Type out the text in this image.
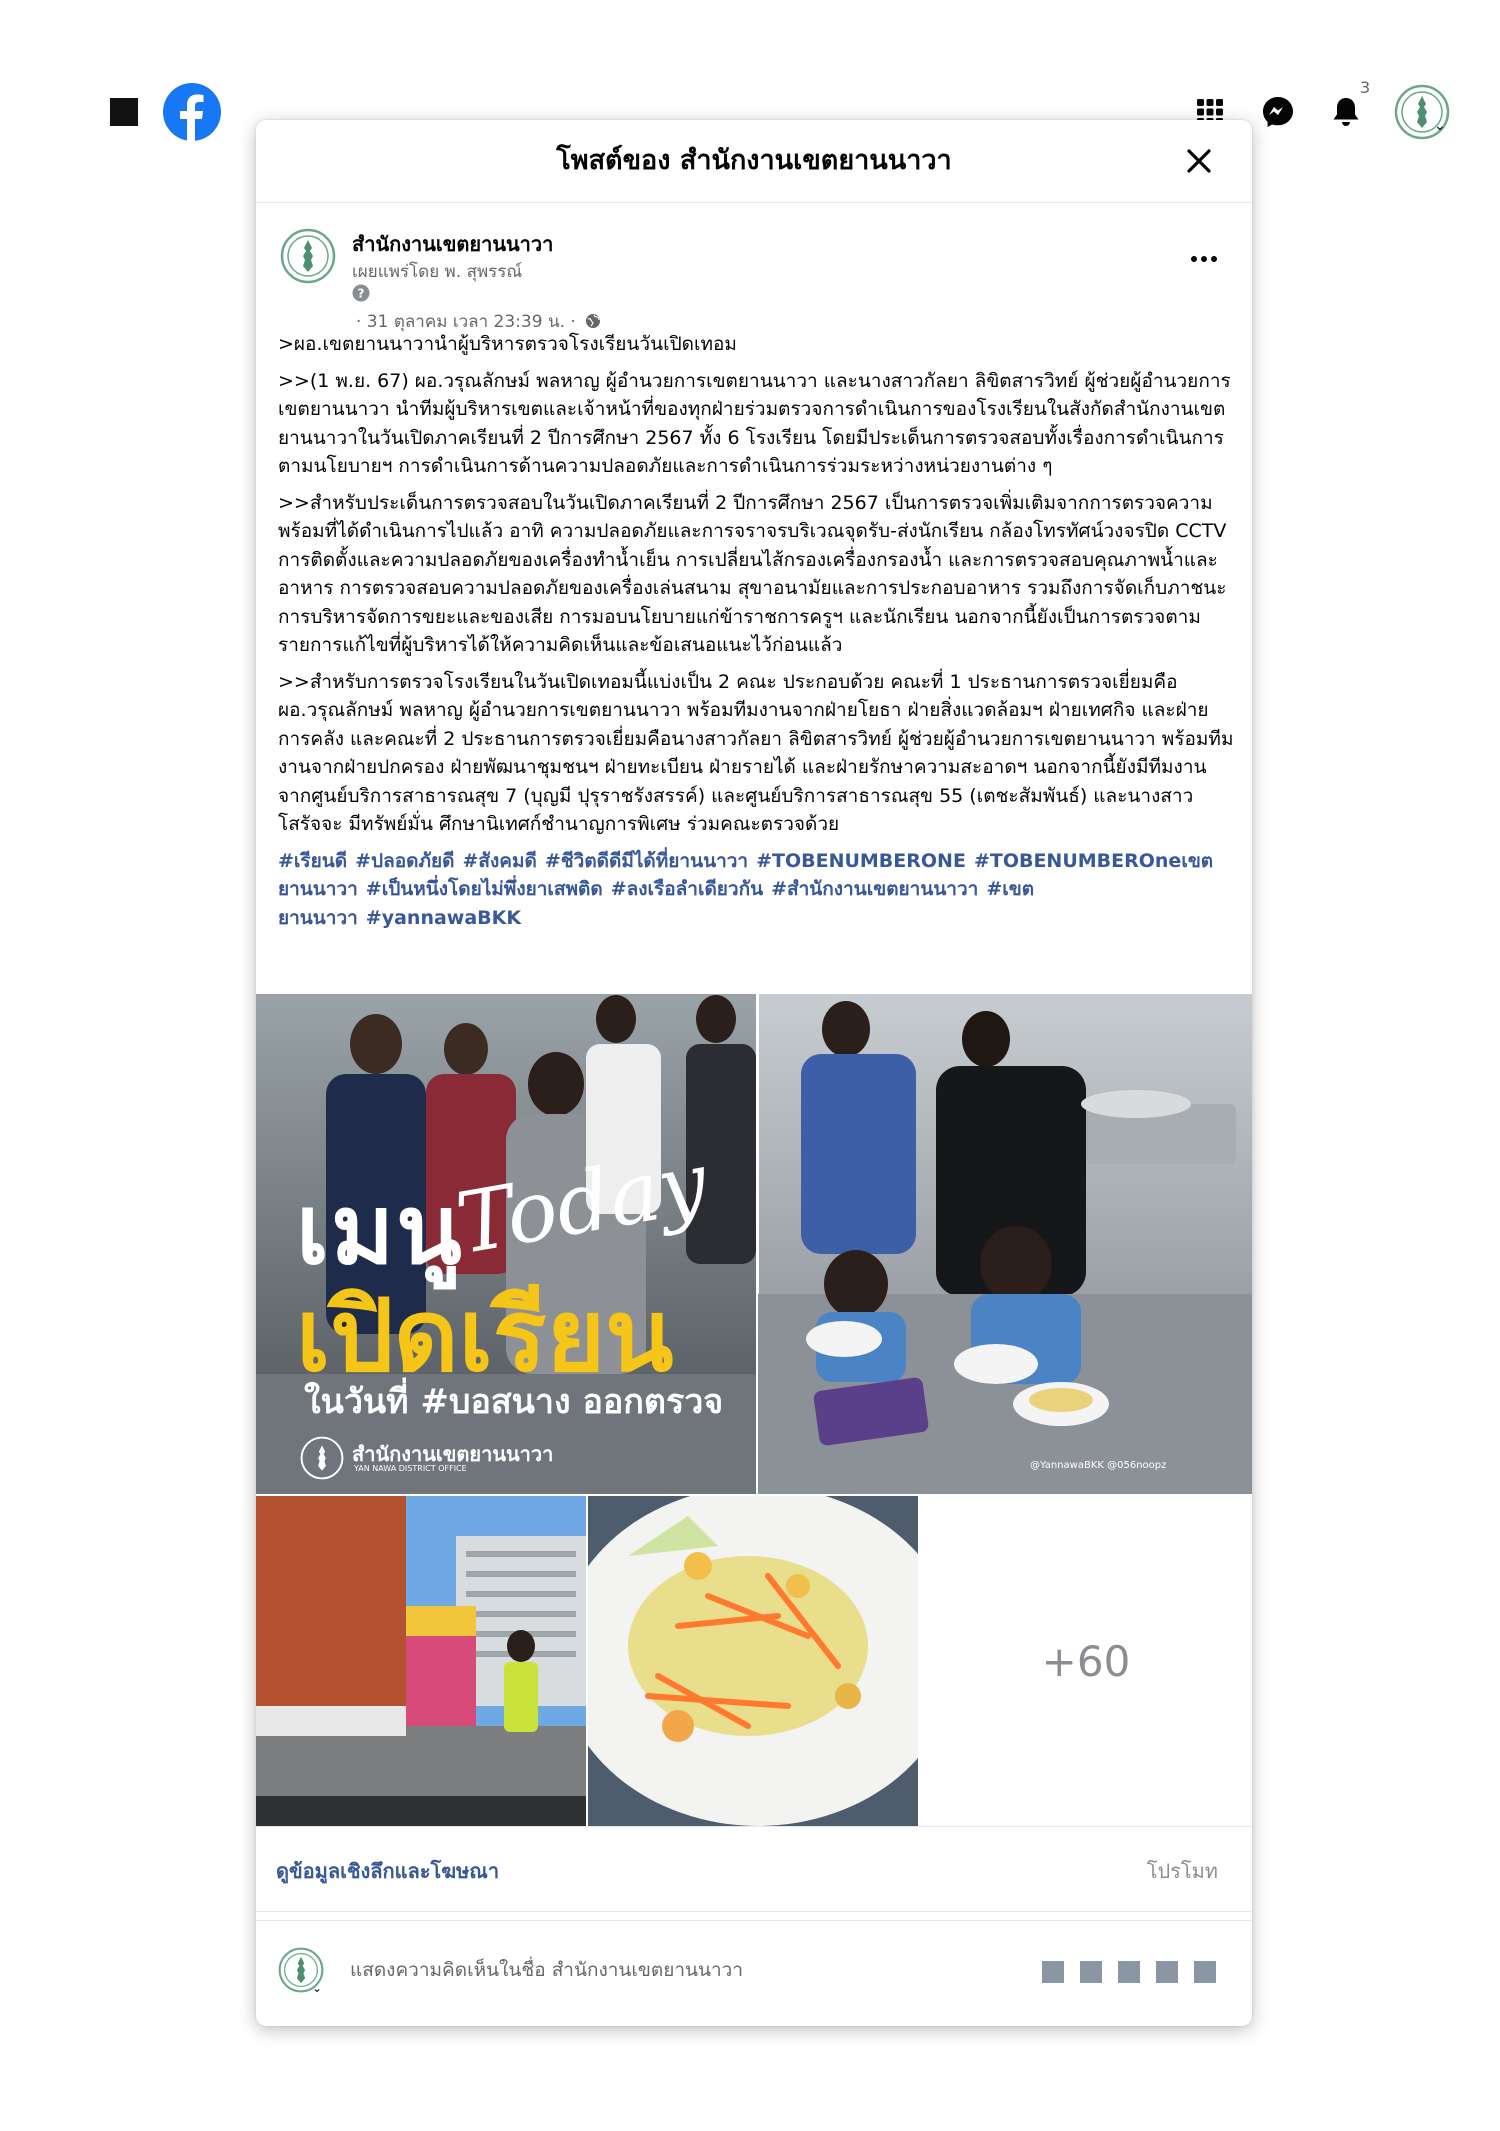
3
⌄
โพสต์ของ สำนักงานเขตยานนาวา
สำนักงานเขตยานนาวา
เผยแพร่โดย พ. สุพรรณ์
?
· 31 ตุลาคม เวลา 23:39 น. ·

>ผอ.เขตยานนาวานำผู้บริหารตรวจโรงเรียนวันเปิดเทอม

>>(1 พ.ย. 67) ผอ.วรุณลักษม์ พลหาญ ผู้อำนวยการเขตยานนาวา และนางสาวกัลยา ลิขิตสารวิทย์ ผู้ช่วยผู้อำนวยการเขตยานนาวา นำทีมผู้บริหารเขตและเจ้าหน้าที่ของทุกฝ่ายร่วมตรวจการดำเนินการของโรงเรียนในสังกัดสำนักงานเขตยานนาวาในวันเปิดภาคเรียนที่ 2 ปีการศึกษา 2567 ทั้ง 6 โรงเรียน โดยมีประเด็นการตรวจสอบทั้งเรื่องการดำเนินการตามนโยบายฯ การดำเนินการด้านความปลอดภัยและการดำเนินการร่วมระหว่างหน่วยงานต่าง ๆ

>>สำหรับประเด็นการตรวจสอบในวันเปิดภาคเรียนที่ 2 ปีการศึกษา 2567 เป็นการตรวจเพิ่มเติมจากการตรวจความพร้อมที่ได้ดำเนินการไปแล้ว อาทิ ความปลอดภัยและการจราจรบริเวณจุดรับ-ส่งนักเรียน กล้องโทรทัศน์วงจรปิด CCTV การติดตั้งและความปลอดภัยของเครื่องทำน้ำเย็น การเปลี่ยนไส้กรองเครื่องกรองน้ำ และการตรวจสอบคุณภาพน้ำและอาหาร การตรวจสอบความปลอดภัยของเครื่องเล่นสนาม สุขาอนามัยและการประกอบอาหาร รวมถึงการจัดเก็บภาชนะ การบริหารจัดการขยะและของเสีย การมอบนโยบายแก่ข้าราชการครูฯ และนักเรียน นอกจากนี้ยังเป็นการตรวจตามรายการแก้ไขที่ผู้บริหารได้ให้ความคิดเห็นและข้อเสนอแนะไว้ก่อนแล้ว

>>สำหรับการตรวจโรงเรียนในวันเปิดเทอมนี้แบ่งเป็น 2 คณะ ประกอบด้วย คณะที่ 1 ประธานการตรวจเยี่ยมคือ ผอ.วรุณลักษม์ พลหาญ ผู้อำนวยการเขตยานนาวา พร้อมทีมงานจากฝ่ายโยธา ฝ่ายสิ่งแวดล้อมฯ ฝ่ายเทศกิจ และฝ่ายการคลัง และคณะที่ 2 ประธานการตรวจเยี่ยมคือนางสาวกัลยา ลิขิตสารวิทย์ ผู้ช่วยผู้อำนวยการเขตยานนาวา พร้อมทีมงานจากฝ่ายปกครอง ฝ่ายพัฒนาชุมชนฯ ฝ่ายทะเบียน ฝ่ายรายได้ และฝ่ายรักษาความสะอาดฯ นอกจากนี้ยังมีทีมงานจากศูนย์บริการสาธารณสุข 7 (บุญมี ปุรุราชรังสรรค์) และศูนย์บริการสาธารณสุข 55 (เตชะสัมพันธ์) และนางสาวโสรัจจะ มีทรัพย์มั่น ศึกษานิเทศก์ชำนาญการพิเศษ ร่วมคณะตรวจด้วย

#เรียนดี #ปลอดภัยดี #สังคมดี #ชีวิตดีดีมีได้ที่ยานนาวา #TOBENUMBERONE #TOBENUMBEROneเขตยานนาวา #เป็นหนึ่งโดยไม่พึ่งยาเสพติด #ลงเรือลำเดียวกัน #สำนักงานเขตยานนาวา #เขตยานนาวา #yannawaBKK
เมนู
Today
เปิดเรียน
ในวันที่ #บอสนาง ออกตรวจ
สำนักงานเขตยานนาวา
YAN NAWA DISTRICT OFFICE	@YannawaBKK @056noopz
+60
ดูข้อมูลเชิงลึกและโฆษณา	โปรโมท
⌄
แสดงความคิดเห็นในชื่อ สำนักงานเขตยานนาวา
